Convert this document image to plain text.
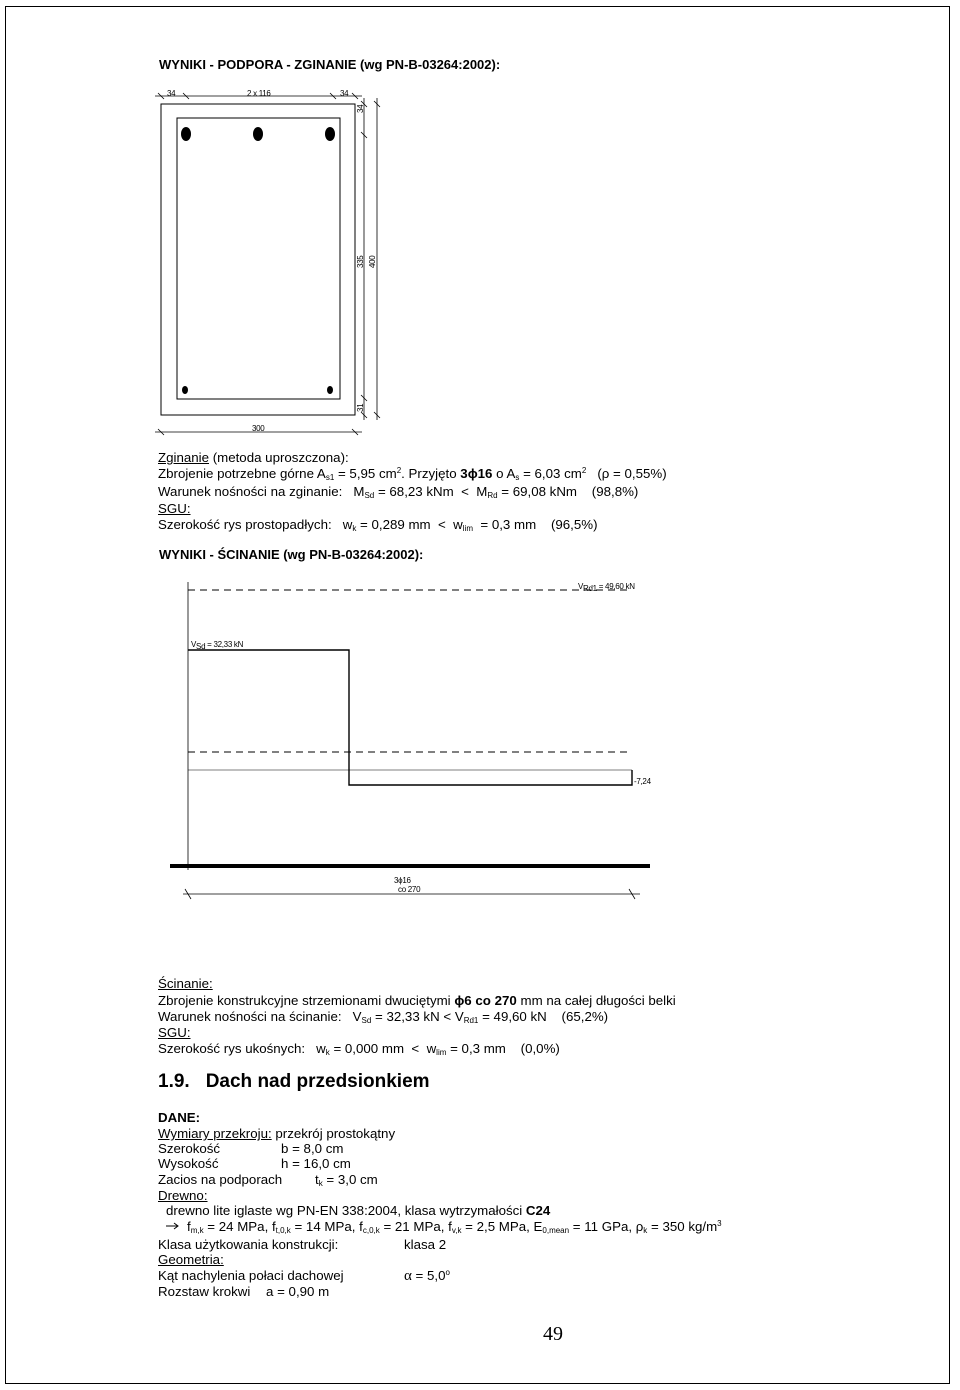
WYNIKI - PODPORA - ZGINANIE (wg PN-B-03264:2002):
34	2 x 116	34
34
335 400
31
300
Zginanie (metoda uproszczona):
Zbrojenie potrzebne górne $A_{s1} = 5,95$ $cm^2$. Przyjęto 3ϕ16 o $A_s = 6,03$ $cm^2$   (ρ = 0,55%)
Warunek nośności na zginanie:   $M_{Sd} = 68,23$ kNm  <  $M_{Rd} = 69,08$ kNm    (98,8%)
SGU:
Szerokość rys prostopadłych:   $w_k = 0,289$ mm  <  $w_{lim} = 0,3$ mm    (96,5%)
WYNIKI - ŚCINANIE (wg PN-B-03264:2002):
$V_{Rd1} = 49,60$ kN
$V_{Sd} = 32,33$ kN
-7,24
3ϕ16
co 270
Ścinanie:
Zbrojenie konstrukcyjne strzemionami dwuciętymi ϕ6 co 270 mm na całej długości belki
Warunek nośności na ścinanie:   $V_{Sd} = 32,33$ kN < $V_{Rd1} = 49,60$ kN    (65,2%)
SGU:
Szerokość rys ukośnych:   $w_k = 0,000$ mm  <  $w_{lim} = 0,3$ mm    (0,0%)
1.9. Dach nad przedsionkiem
DANE:
Wymiary przekroju: przekrój prostokątny
Szerokość	b = 8,0 cm
Wysokość	h = 16,0 cm
Zacios na podporach $t_k = 3,0$ cm
Drewno:
drewno lite iglaste wg PN-EN 338:2004, klasa wytrzymałości C24
$f_{m,k} = 24$ MPa, $f_{t,0,k} = 14$ MPa, $f_{c,0,k} = 21$ MPa, $f_{v,k} = 2,5$ MPa, $E_{0,mean} = 11$ GPa, $\rho_k = 350$ $kg/m^3$
Klasa użytkowania konstrukcji:	klasa 2
Geometria:
Kąt nachylenia połaci dachowej	$\alpha = 5,0^o$
Rozstaw krokwi a = 0,90 m
49
